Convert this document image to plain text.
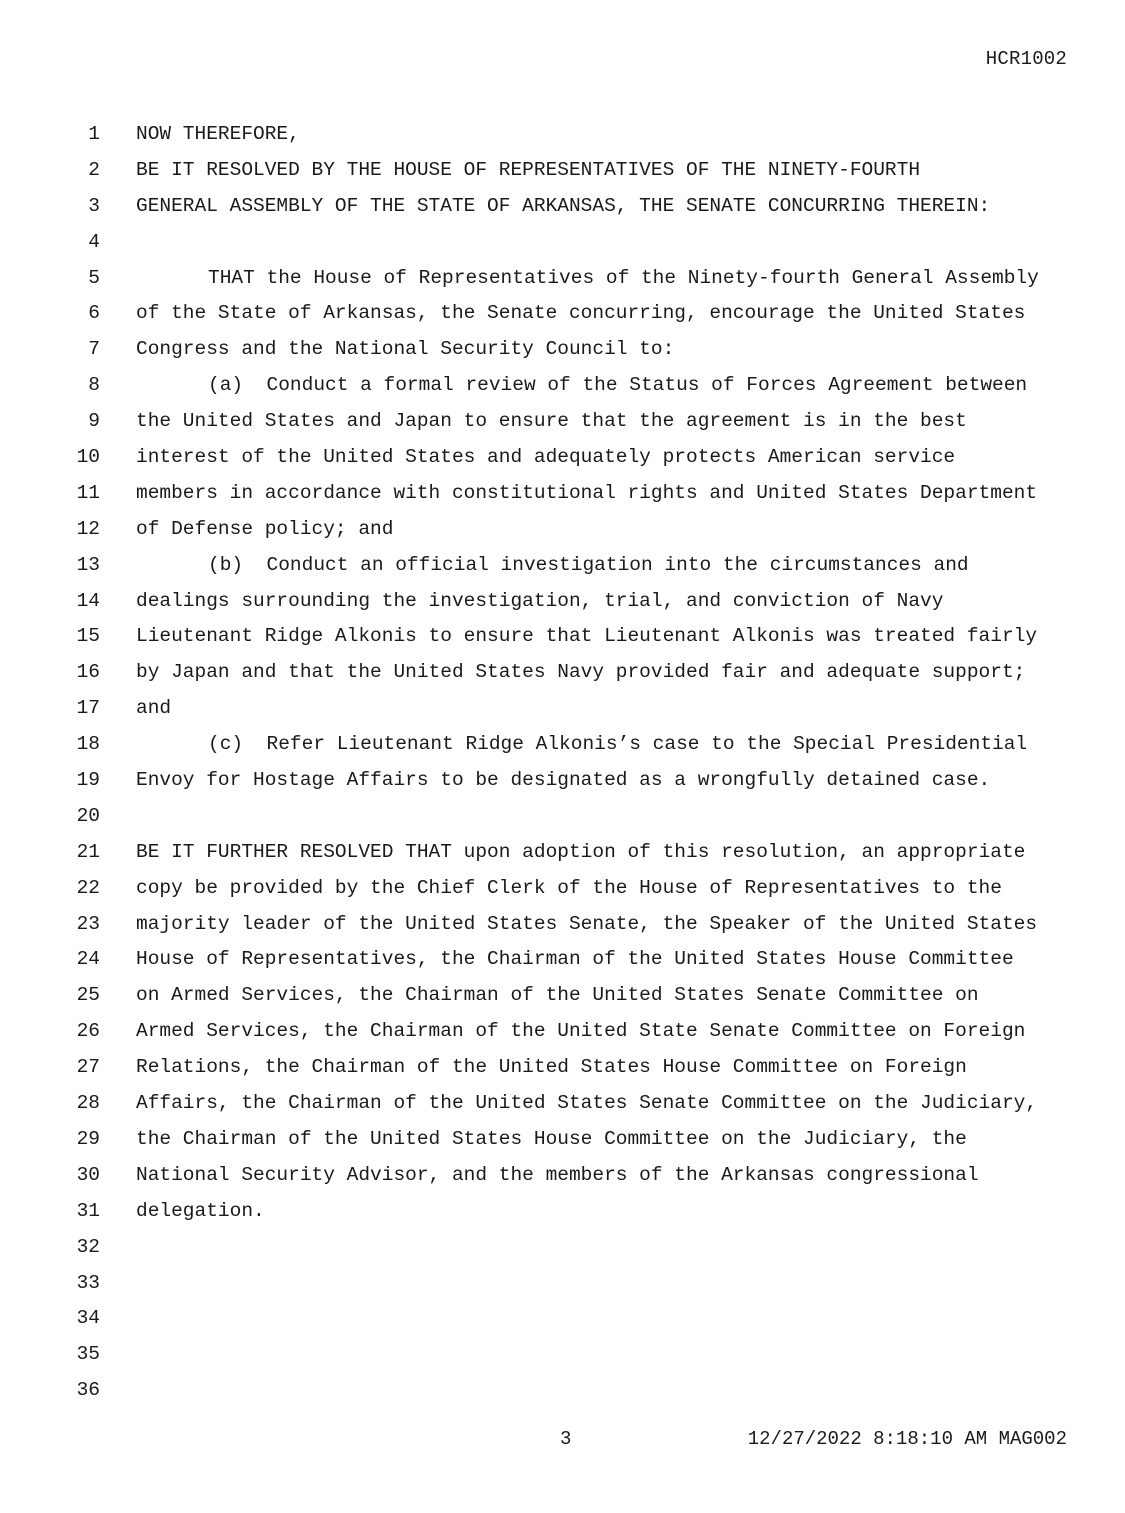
HCR1002
1 NOW THEREFORE,
2 BE IT RESOLVED BY THE HOUSE OF REPRESENTATIVES OF THE NINETY-FOURTH
3 GENERAL ASSEMBLY OF THE STATE OF ARKANSAS, THE SENATE CONCURRING THEREIN:
4
5	THAT the House of Representatives of the Ninety-fourth General Assembly
6 of the State of Arkansas, the Senate concurring, encourage the United States
7 Congress and the National Security Council to:
8	(a)  Conduct a formal review of the Status of Forces Agreement between
9 the United States and Japan to ensure that the agreement is in the best
10 interest of the United States and adequately protects American service
11 members in accordance with constitutional rights and United States Department
12 of Defense policy; and
13	(b)  Conduct an official investigation into the circumstances and
14 dealings surrounding the investigation, trial, and conviction of Navy
15 Lieutenant Ridge Alkonis to ensure that Lieutenant Alkonis was treated fairly
16 by Japan and that the United States Navy provided fair and adequate support;
17 and
18	(c)  Refer Lieutenant Ridge Alkonis’s case to the Special Presidential
19 Envoy for Hostage Affairs to be designated as a wrongfully detained case.
20
21 BE IT FURTHER RESOLVED THAT upon adoption of this resolution, an appropriate
22 copy be provided by the Chief Clerk of the House of Representatives to the
23 majority leader of the United States Senate, the Speaker of the United States
24 House of Representatives, the Chairman of the United States House Committee
25 on Armed Services, the Chairman of the United States Senate Committee on
26 Armed Services, the Chairman of the United State Senate Committee on Foreign
27 Relations, the Chairman of the United States House Committee on Foreign
28 Affairs, the Chairman of the United States Senate Committee on the Judiciary,
29 the Chairman of the United States House Committee on the Judiciary, the
30 National Security Advisor, and the members of the Arkansas congressional
31 delegation.
32
33
34
35
36
3	12/27/2022 8:18:10 AM MAG002
